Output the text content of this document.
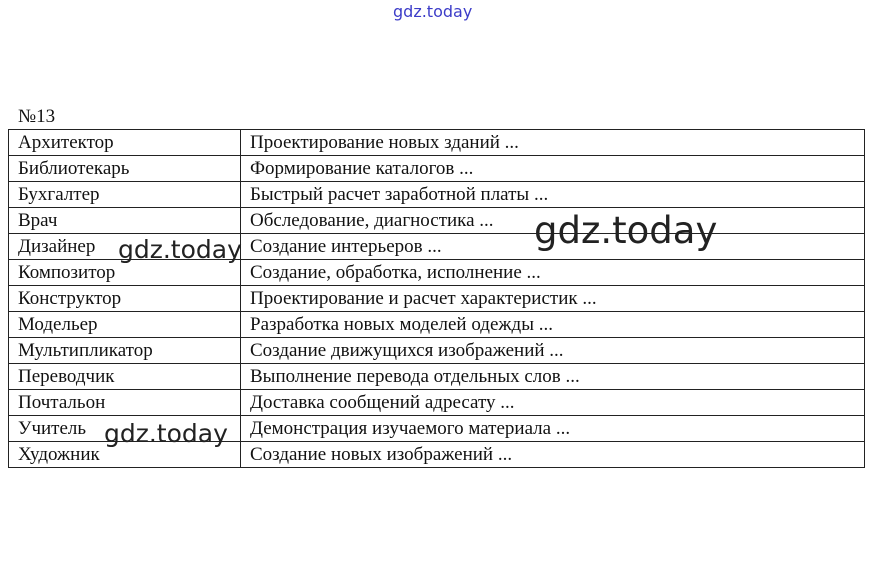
gdz.today
№13
Архитектор	Проектирование новых зданий ...
Библиотекарь	Формирование каталогов ...
Бухгалтер	Быстрый расчет заработной платы ...
Врач	Обследование, диагностика ...
Дизайнер	Создание интерьеров ...
Композитор	Создание, обработка, исполнение ...
Конструктор	Проектирование и расчет характеристик ...
Модельер	Разработка новых моделей одежды ...
Мультипликатор	Создание движущихся изображений ...
Переводчик	Выполнение перевода отдельных слов ...
Почтальон	Доставка сообщений адресату ...
Учитель	Демонстрация изучаемого материала ...
Художник	Создание новых изображений ...
gdz.today
gdz.today
gdz.today
